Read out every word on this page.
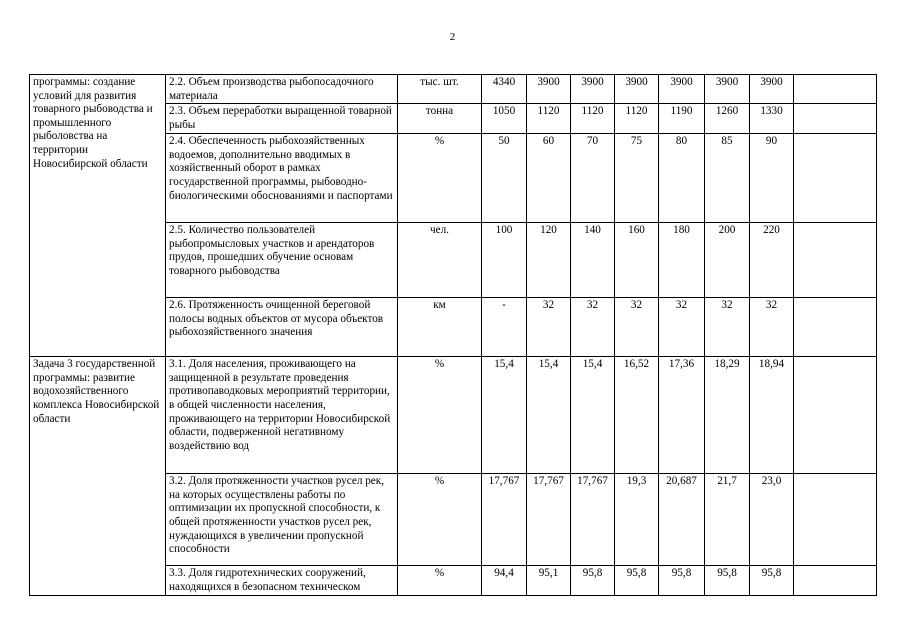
2
программы: создание условий для развития товарного рыбоводства и промышленного рыболовства на территории Новосибирской области	2.2. Объем производства рыбопосадочного материала	тыс. шт.	4340	3900	3900	3900	3900	3900	3900	

	2.3. Объем переработки выращенной товарной рыбы	тонна	1050	1120	1120	1120	1190	1260	1330	

	2.4. Обеспеченность рыбохозяйственных водоемов, дополнительно вводимых в хозяйственный оборот в рамках государственной программы, рыбоводно-биологическими обоснованиями и паспортами	%	50	60	70	75	80	85	90	

	2.5. Количество пользователей рыбопромысловых участков и арендаторов прудов, прошедших обучение основам товарного рыбоводства	чел.	100	120	140	160	180	200	220	

	2.6. Протяженность очищенной береговой полосы водных объектов от мусора объектов рыбохозяйственного значения	км	-	32	32	32	32	32	32	
Задача 3 государственной программы: развитие водохозяйственного комплекса Новосибирской области	3.1. Доля населения, проживающего на защищенной в результате проведения противопаводковых мероприятий территории, в общей численности населения, проживающего на территории Новосибирской области, подверженной негативному воздействию вод	%	15,4	15,4	15,4	16,52	17,36	18,29	18,94	

	3.2. Доля протяженности участков русел рек, на которых осуществлены работы по оптимизации их пропускной способности, к общей протяженности участков русел рек, нуждающихся в увеличении пропускной способности	%	17,767	17,767	17,767	19,3	20,687	21,7	23,0	

	3.3. Доля гидротехнических сооружений, находящихся в безопасном техническом	%	94,4	95,1	95,8	95,8	95,8	95,8	95,8	
